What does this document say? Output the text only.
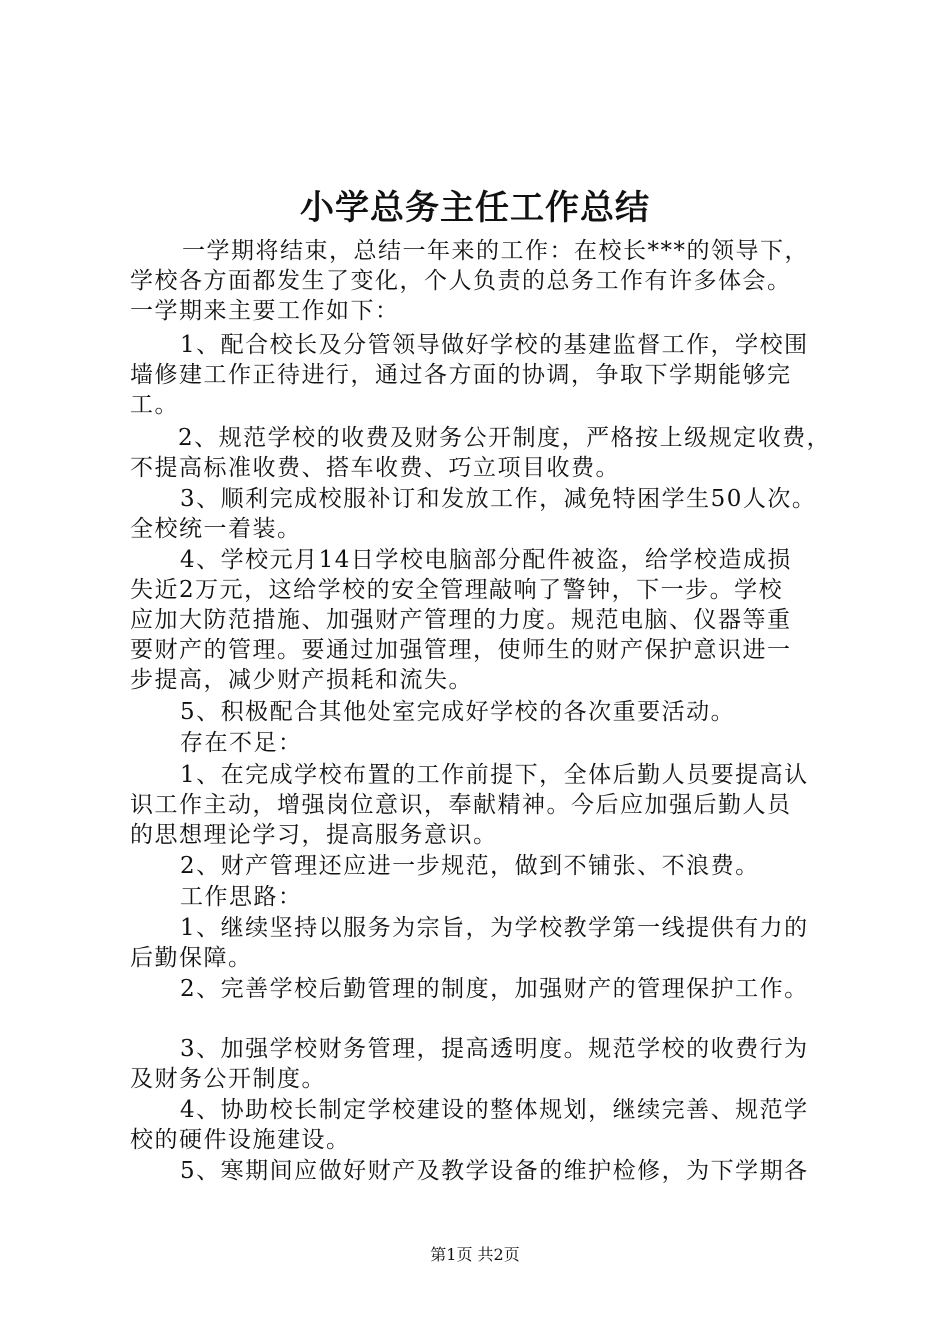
小学总务主任工作总结
一学期将结束，总结一年来的工作：在校长***的领导下，
学校各方面都发生了变化，个人负责的总务工作有许多体会。
一学期来主要工作如下：
1、配合校长及分管领导做好学校的基建监督工作，学校围
墙修建工作正待进行，通过各方面的协调，争取下学期能够完
工。
2、规范学校的收费及财务公开制度，严格按上级规定收费，
不提高标准收费、搭车收费、巧立项目收费。
3、顺利完成校服补订和发放工作，减免特困学生50人次。
全校统一着装。
4、学校元月14日学校电脑部分配件被盗，给学校造成损
失近2万元，这给学校的安全管理敲响了警钟，下一步。学校
应加大防范措施、加强财产管理的力度。规范电脑、仪器等重
要财产的管理。要通过加强管理，使师生的财产保护意识进一
步提高，减少财产损耗和流失。
5、积极配合其他处室完成好学校的各次重要活动。
存在不足：
1、在完成学校布置的工作前提下，全体后勤人员要提高认
识工作主动，增强岗位意识，奉献精神。今后应加强后勤人员
的思想理论学习，提高服务意识。
2、财产管理还应进一步规范，做到不铺张、不浪费。
工作思路：
1、继续坚持以服务为宗旨，为学校教学第一线提供有力的
后勤保障。
2、完善学校后勤管理的制度，加强财产的管理保护工作。
3、加强学校财务管理，提高透明度。规范学校的收费行为
及财务公开制度。
4、协助校长制定学校建设的整体规划，继续完善、规范学
校的硬件设施建设。
5、寒期间应做好财产及教学设备的维护检修，为下学期各
第1页 共2页
